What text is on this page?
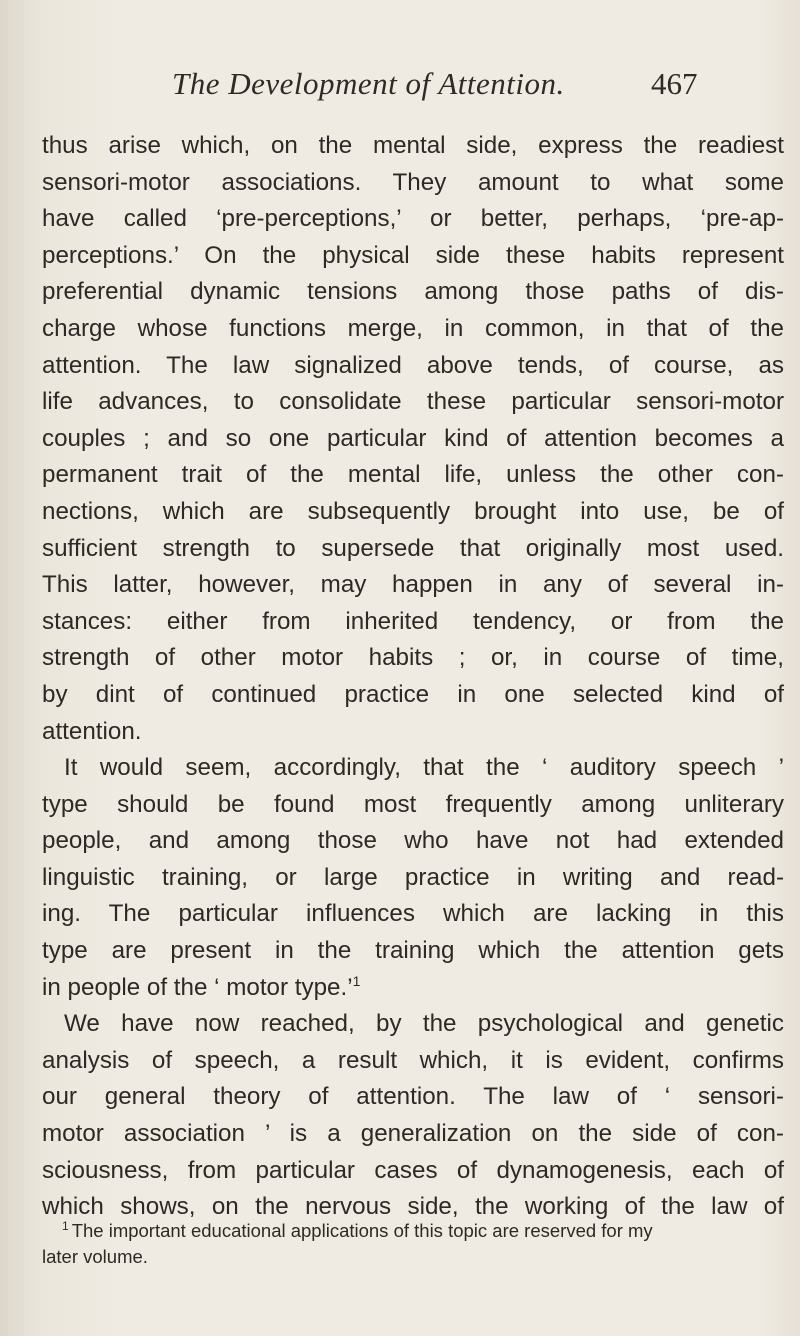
The Development of Attention.	467
thus arise which, on the mental side, express the readiest
sensori-motor associations. They amount to what some
have called ‘pre-perceptions,’ or better, perhaps, ‘pre-ap-
perceptions.’ On the physical side these habits represent
preferential dynamic tensions among those paths of dis-
charge whose functions merge, in common, in that of the
attention. The law signalized above tends, of course, as
life advances, to consolidate these particular sensori-motor
couples ; and so one particular kind of attention becomes a
permanent trait of the mental life, unless the other con-
nections, which are subsequently brought into use, be of
sufficient strength to supersede that originally most used.
This latter, however, may happen in any of several in-
stances: either from inherited tendency, or from the
strength of other motor habits ; or, in course of time,
by dint of continued practice in one selected kind of
attention.
It would seem, accordingly, that the ‘ auditory speech ’
type should be found most frequently among unliterary
people, and among those who have not had extended
linguistic training, or large practice in writing and read-
ing. The particular influences which are lacking in this
type are present in the training which the attention gets
in people of the ‘ motor type.’$^1$
We have now reached, by the psychological and genetic
analysis of speech, a result which, it is evident, confirms
our general theory of attention. The law of ‘ sensori-
motor association ’ is a generalization on the side of con-
sciousness, from particular cases of dynamogenesis, each of
which shows, on the nervous side, the working of the law of
$^1$ The important educational applications of this topic are reserved for my
later volume.
